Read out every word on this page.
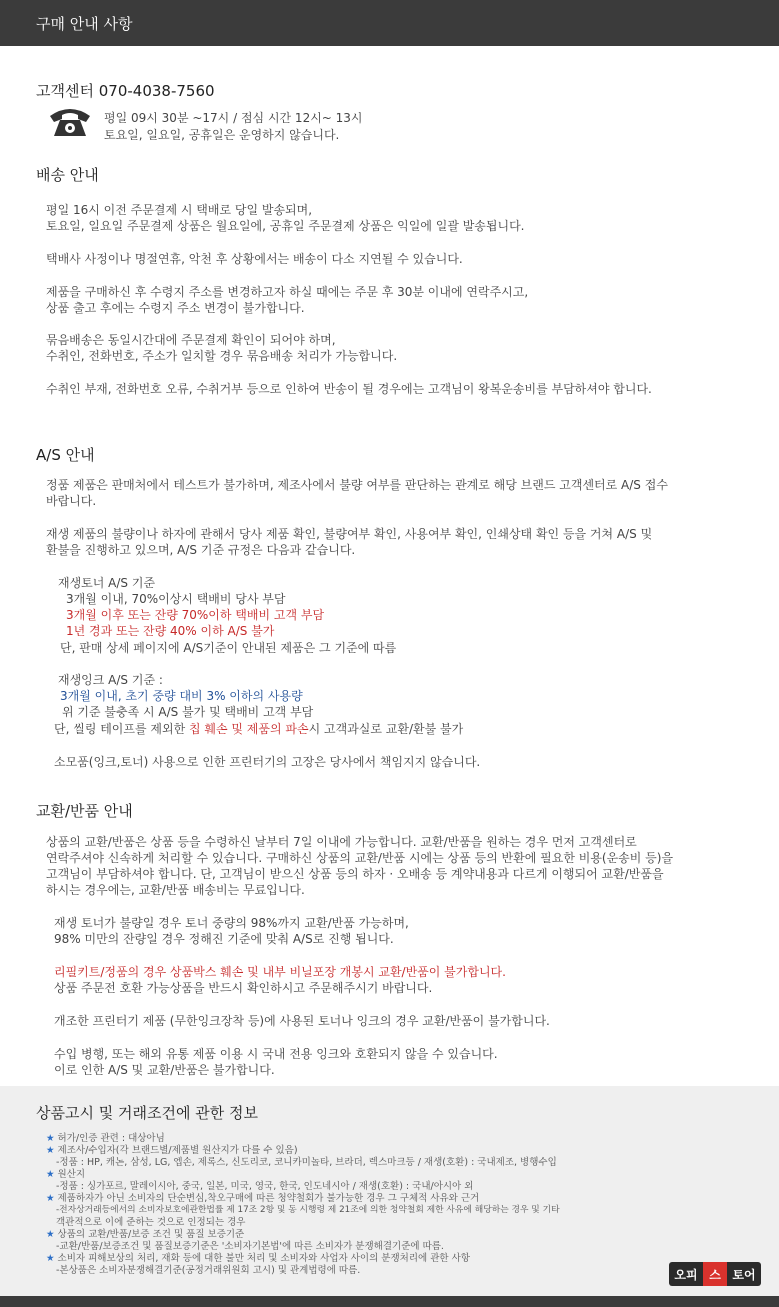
구매 안내 사항
고객센터 070-4038-7560
평일 09시 30분 ~17시 / 점심 시간 12시~ 13시
토요일, 일요일, 공휴일은 운영하지 않습니다.
배송 안내
평일 16시 이전 주문결제 시 택배로 당일 발송되며,
토요일, 일요일 주문결제 상품은 월요일에, 공휴일 주문결제 상품은 익일에 일괄 발송됩니다.
택배사 사정이나 명절연휴, 악천 후 상황에서는 배송이 다소 지연될 수 있습니다.
제품을 구매하신 후 수령지 주소를 변경하고자 하실 때에는 주문 후 30분 이내에 연락주시고,
상품 출고 후에는 수령지 주소 변경이 불가합니다.
묶음배송은 동일시간대에 주문결제 확인이 되어야 하며,
수취인, 전화번호, 주소가 일치할 경우 묶음배송 처리가 가능합니다.
수취인 부재, 전화번호 오류, 수취거부 등으로 인하여 반송이 될 경우에는 고객님이 왕복운송비를 부담하셔야 합니다.
A/S 안내
정품 제품은 판매처에서 테스트가 불가하며, 제조사에서 불량 여부를 판단하는 관계로 해당 브랜드 고객센터로 A/S 접수
바랍니다.
재생 제품의 불량이나 하자에 관해서 당사 제품 확인, 불량여부 확인, 사용여부 확인, 인쇄상태 확인 등을 거쳐 A/S 및
환불을 진행하고 있으며, A/S 기준 규정은 다음과 같습니다.
재생토너 A/S 기준
3개월 이내, 70%이상시 택배비 당사 부담
3개월 이후 또는 잔량 70%이하 택배비 고객 부담
1년 경과 또는 잔량 40% 이하 A/S 불가
단, 판매 상세 페이지에 A/S기준이 안내된 제품은 그 기준에 따름
재생잉크 A/S 기준 :
3개월 이내, 초기 중량 대비 3% 이하의 사용량
위 기준 불충족 시 A/S 불가 및 택배비 고객 부담
단, 씰링 테이프를 제외한 칩 훼손 및 제품의 파손시 고객과실로 교환/환불 불가
소모품(잉크,토너) 사용으로 인한 프린터기의 고장은 당사에서 책임지지 않습니다.
교환/반품 안내
상품의 교환/반품은 상품 등을 수령하신 날부터 7일 이내에 가능합니다. 교환/반품을 원하는 경우 먼저 고객센터로
연락주셔야 신속하게 처리할 수 있습니다. 구매하신 상품의 교환/반품 시에는 상품 등의 반환에 필요한 비용(운송비 등)을
고객님이 부담하셔야 합니다. 단, 고객님이 받으신 상품 등의 하자 · 오배송 등 계약내용과 다르게 이행되어 교환/반품을
하시는 경우에는, 교환/반품 배송비는 무료입니다.
재생 토너가 불량일 경우 토너 중량의 98%까지 교환/반품 가능하며,
98% 미만의 잔량일 경우 정해진 기준에 맞춰 A/S로 진행 됩니다.
리필키트/정품의 경우 상품박스 훼손 및 내부 비닐포장 개봉시 교환/반품이 불가합니다.
상품 주문전 호환 가능상품을 반드시 확인하시고 주문해주시기 바랍니다.
개조한 프린터기 제품 (무한잉크장착 등)에 사용된 토너나 잉크의 경우 교환/반품이 불가합니다.
수입 병행, 또는 해외 유통 제품 이용 시 국내 전용 잉크와 호환되지 않을 수 있습니다.
이로 인한 A/S 및 교환/반품은 불가합니다.
상품고시 및 거래조건에 관한 정보
★ 허가/인증 관련 : 대상아님
★ 제조사/수입자(각 브랜드별/제품별 원산지가 다를 수 있음)
-정품 : HP, 캐논, 삼성, LG, 엡손, 제록스, 신도리코, 코니카미놀타, 브라더, 렉스마크등 / 재생(호환) : 국내제조, 병행수입
★ 원산지
-정품 : 싱가포르, 말레이시아, 중국, 일본, 미국, 영국, 한국, 인도네시아 / 재생(호환) : 국내/아시아 외
★ 제품하자가 아닌 소비자의 단순변심,착오구매에 따른 청약철회가 불가능한 경우 그 구체적 사유와 근거
-전자상거래등에서의 소비자보호에관한법률 제 17조 2항 및 동 시행령 제 21조에 의한 청약철회 제한 사유에 해당하는 경우 및 기타
객관적으로 이에 준하는 것으로 인정되는 경우
★ 상품의 교환/반품/보증 조건 및 품질 보증기준
-교환/반품/보증조건 및 품질보증기준은 '소비자기본법'에 따른 소비자가 분쟁해결기준에 따름.
★ 소비자 피해보상의 처리, 재화 등에 대한 불만 처리 및 소비자와 사업자 사이의 분쟁처리에 관한 사항
-본상품은 소비자분쟁해결기준(공정거래위원회 고시) 및 관계법령에 따름.	오피 스 토어
